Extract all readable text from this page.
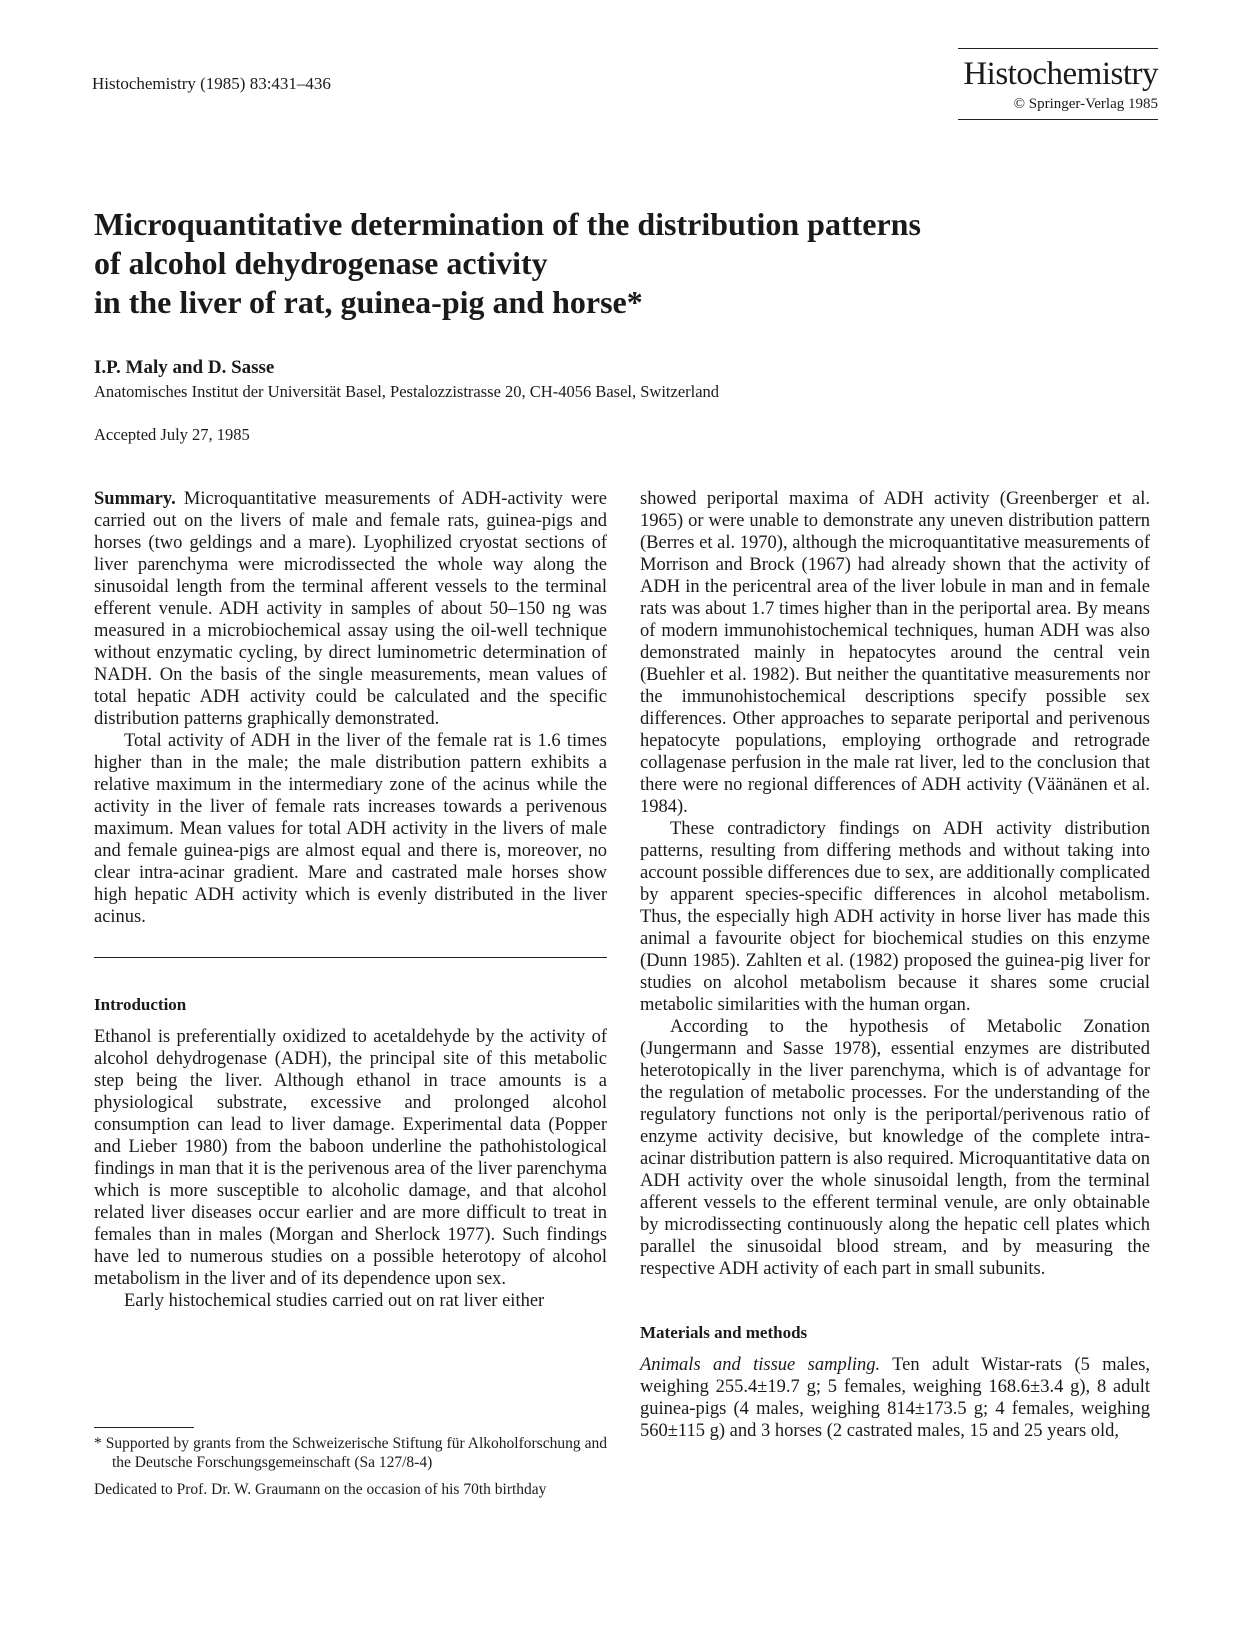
Histochemistry (1985) 83:431–436	Histochemistry
© Springer-Verlag 1985
Microquantitative determination of the distribution patterns
of alcohol dehydrogenase activity
in the liver of rat, guinea-pig and horse*
I.P. Maly and D. Sasse
Anatomisches Institut der Universität Basel, Pestalozzistrasse 20, CH-4056 Basel, Switzerland
Accepted July 27, 1985

Summary. Microquantitative measurements of ADH-activity were carried out on the livers of male and female rats, guinea-pigs and horses (two geldings and a mare). Lyophilized cryostat sections of liver parenchyma were microdissected the whole way along the sinusoidal length from the terminal afferent vessels to the terminal efferent venule. ADH activity in samples of about 50–150 ng was measured in a microbiochemical assay using the oil-well technique without enzymatic cycling, by direct luminometric determination of NADH. On the basis of the single measurements, mean values of total hepatic ADH activity could be calculated and the specific distribution patterns graphically demonstrated.

Total activity of ADH in the liver of the female rat is 1.6 times higher than in the male; the male distribution pattern exhibits a relative maximum in the intermediary zone of the acinus while the activity in the liver of female rats increases towards a perivenous maximum. Mean values for total ADH activity in the livers of male and female guinea-pigs are almost equal and there is, moreover, no clear intra-acinar gradient. Mare and castrated male horses show high hepatic ADH activity which is evenly distributed in the liver acinus.

Introduction

Ethanol is preferentially oxidized to acetaldehyde by the activity of alcohol dehydrogenase (ADH), the principal site of this metabolic step being the liver. Although ethanol in trace amounts is a physiological substrate, excessive and prolonged alcohol consumption can lead to liver damage. Experimental data (Popper and Lieber 1980) from the baboon underline the pathohistological findings in man that it is the perivenous area of the liver parenchyma which is more susceptible to alcoholic damage, and that alcohol related liver diseases occur earlier and are more difficult to treat in females than in males (Morgan and Sherlock 1977). Such findings have led to numerous studies on a possible heterotopy of alcohol metabolism in the liver and of its dependence upon sex.

Early histochemical studies carried out on rat liver either

* Supported by grants from the Schweizerische Stiftung für Alkoholforschung and the Deutsche Forschungsgemeinschaft (Sa 127/8-4)

Dedicated to Prof. Dr. W. Graumann on the occasion of his 70th birthday

showed periportal maxima of ADH activity (Greenberger et al. 1965) or were unable to demonstrate any uneven distribution pattern (Berres et al. 1970), although the microquantitative measurements of Morrison and Brock (1967) had already shown that the activity of ADH in the pericentral area of the liver lobule in man and in female rats was about 1.7 times higher than in the periportal area. By means of modern immunohistochemical techniques, human ADH was also demonstrated mainly in hepatocytes around the central vein (Buehler et al. 1982). But neither the quantitative measurements nor the immunohistochemical descriptions specify possible sex differences. Other approaches to separate periportal and perivenous hepatocyte populations, employing orthograde and retrograde collagenase perfusion in the male rat liver, led to the conclusion that there were no regional differences of ADH activity (Väänänen et al. 1984).

These contradictory findings on ADH activity distribution patterns, resulting from differing methods and without taking into account possible differences due to sex, are additionally complicated by apparent species-specific differences in alcohol metabolism. Thus, the especially high ADH activity in horse liver has made this animal a favourite object for biochemical studies on this enzyme (Dunn 1985). Zahlten et al. (1982) proposed the guinea-pig liver for studies on alcohol metabolism because it shares some crucial metabolic similarities with the human organ.

According to the hypothesis of Metabolic Zonation (Jungermann and Sasse 1978), essential enzymes are distributed heterotopically in the liver parenchyma, which is of advantage for the regulation of metabolic processes. For the understanding of the regulatory functions not only is the periportal/perivenous ratio of enzyme activity decisive, but knowledge of the complete intra-acinar distribution pattern is also required. Microquantitative data on ADH activity over the whole sinusoidal length, from the terminal afferent vessels to the efferent terminal venule, are only obtainable by microdissecting continuously along the hepatic cell plates which parallel the sinusoidal blood stream, and by measuring the respective ADH activity of each part in small subunits.

Materials and methods

Animals and tissue sampling. Ten adult Wistar-rats (5 males, weighing 255.4±19.7 g; 5 females, weighing 168.6±3.4 g), 8 adult guinea-pigs (4 males, weighing 814±173.5 g; 4 females, weighing 560±115 g) and 3 horses (2 castrated males, 15 and 25 years old,
